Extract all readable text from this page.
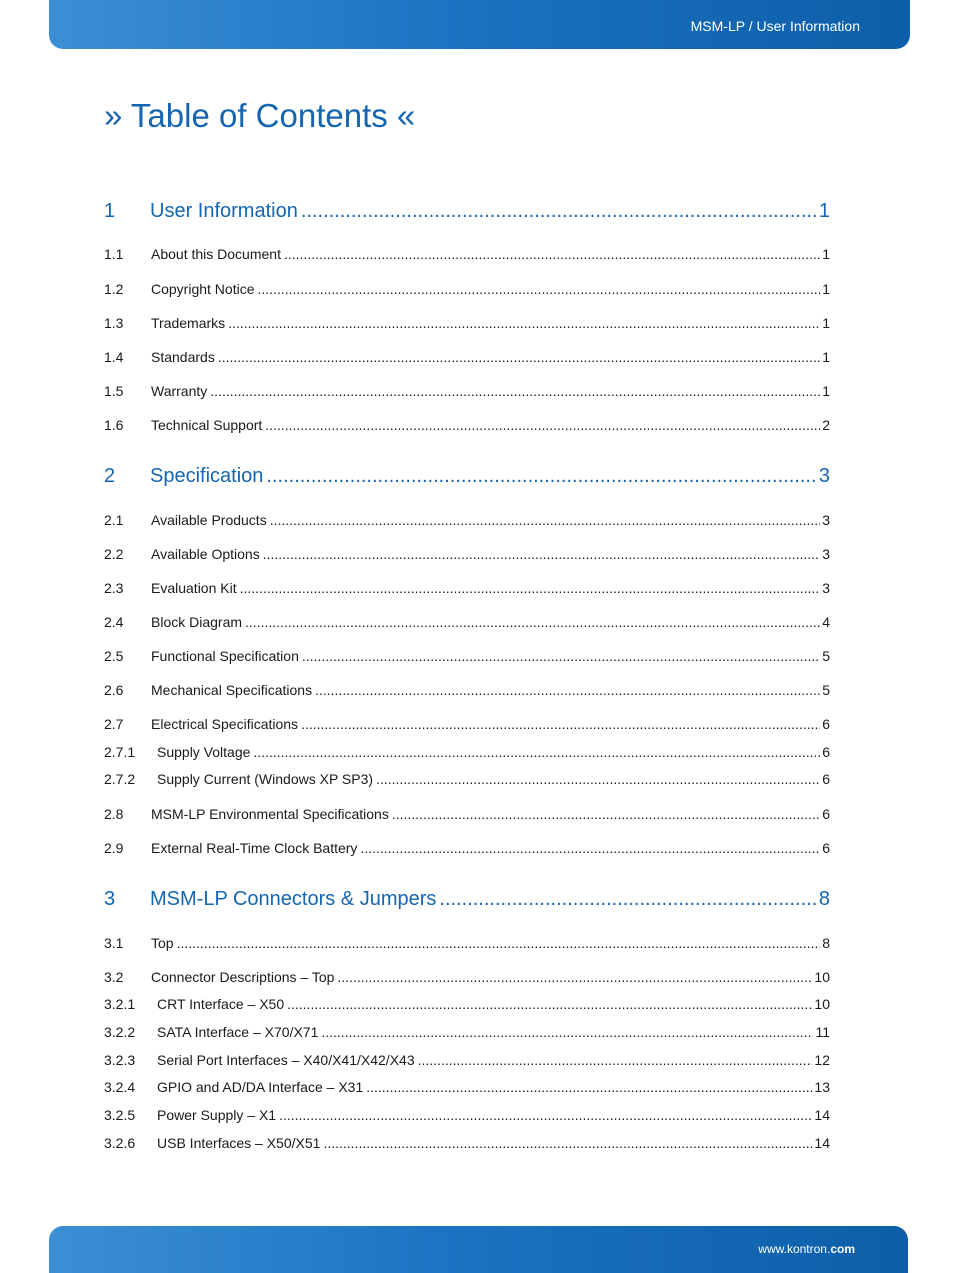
MSM-LP / User Information
» Table of Contents «
1	User Information .....	1
1.1	About this Document .....	1
1.2	Copyright Notice .....	1
1.3	Trademarks .....	1
1.4	Standards .....	1
1.5	Warranty .....	1
1.6	Technical Support .....	2
2	Specification .....	3
2.1	Available Products .....	3
2.2	Available Options .....	3
2.3	Evaluation Kit .....	3
2.4	Block Diagram .....	4
2.5	Functional Specification .....	5
2.6	Mechanical Specifications .....	5
2.7	Electrical Specifications .....	6
2.7.1	Supply Voltage .....	6
2.7.2	Supply Current (Windows XP SP3) .....	6
2.8	MSM-LP Environmental Specifications .....	6
2.9	External Real-Time Clock Battery .....	6
3	MSM-LP Connectors & Jumpers .....	8
3.1	Top .....	8
3.2	Connector Descriptions – Top .....	10
3.2.1	CRT Interface – X50 .....	10
3.2.2	SATA Interface – X70/X71 .....	11
3.2.3	Serial Port Interfaces – X40/X41/X42/X43 .....	12
3.2.4	GPIO and AD/DA Interface – X31 .....	13
3.2.5	Power Supply – X1 .....	14
3.2.6	USB Interfaces – X50/X51 .....	14
www.kontron.com
